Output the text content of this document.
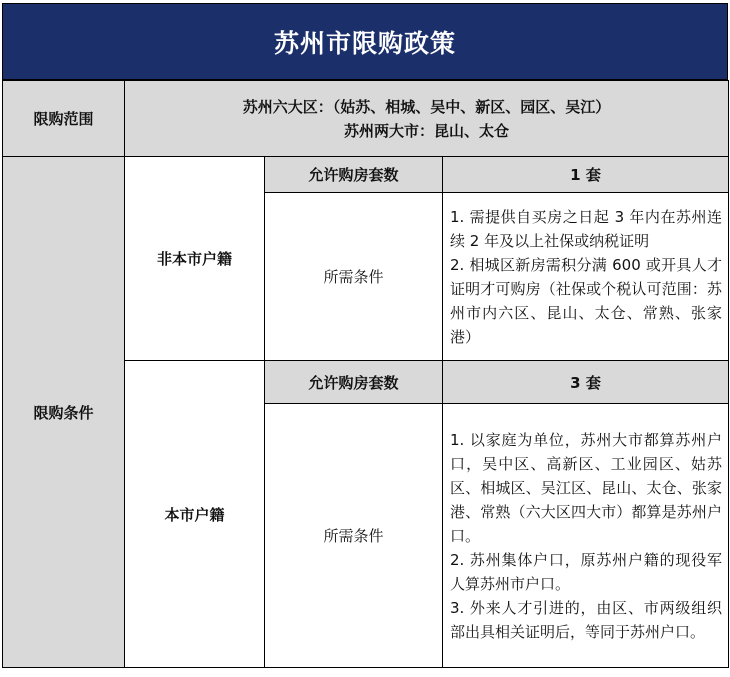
苏州市限购政策
限购范围	苏州六大区：（姑苏、相城、吴中、新区、园区、吴江）
苏州两大市：昆山、太仓		

限购条件	非本市户籍	允许购房套数	1 套
		所需条件	1. 需提供自买房之日起 3 年内在苏州连续 2 年及以上社保或纳税证明
2. 相城区新房需积分满 600 或开具人才证明才可购房（社保或个税认可范围：苏州市内六区、昆山、太仓、常熟、张家港）

	本市户籍	允许购房套数	3 套
		所需条件	1. 以家庭为单位，苏州大市都算苏州户口，吴中区、高新区、工业园区、姑苏区、相城区、吴江区、昆山、太仓、张家港、常熟（六大区四大市）都算是苏州户口。
2. 苏州集体户口，原苏州户籍的现役军人算苏州市户口。
3. 外来人才引进的，由区、市两级组织部出具相关证明后，等同于苏州户口。
